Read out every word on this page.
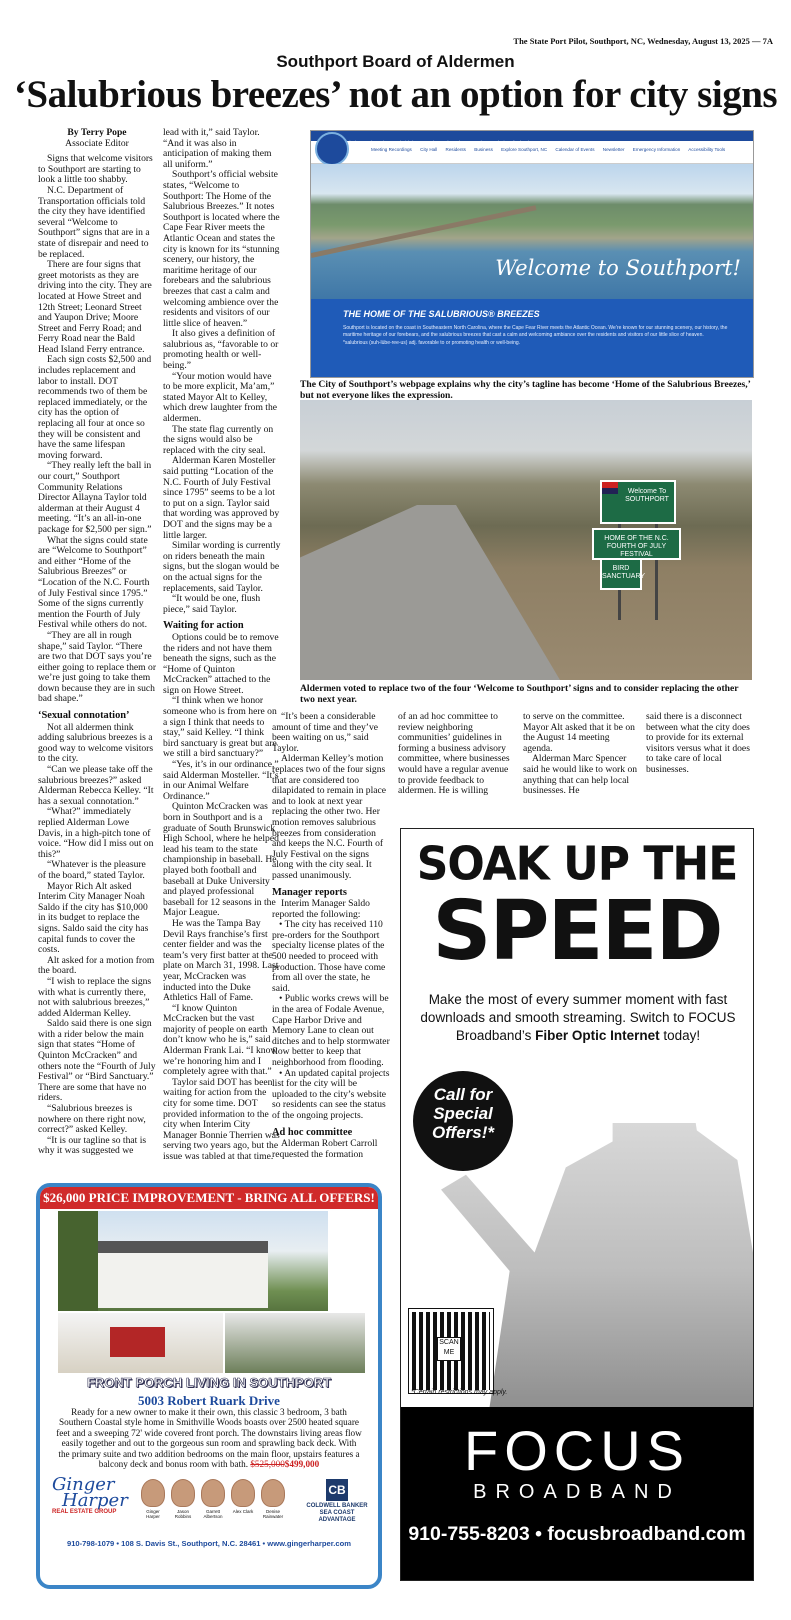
The State Port Pilot, Southport, NC, Wednesday, August 13, 2025 — 7A
Southport Board of Aldermen
‘Salubrious breezes’ not an option for city signs

By Terry Pope

Associate Editor

Signs that welcome visitors to Southport are starting to look a little too shabby.

N.C. Department of Transportation officials told the city they have identified several “Welcome to Southport” signs that are in a state of disrepair and need to be replaced.

There are four signs that greet motorists as they are driving into the city. They are located at Howe Street and 12th Street; Leonard Street and Yaupon Drive; Moore Street and Ferry Road; and Ferry Road near the Bald Head Island Ferry entrance.

Each sign costs $2,500 and includes replacement and labor to install. DOT recommends two of them be replaced immediately, or the city has the option of replacing all four at once so they will be consistent and have the same lifespan moving forward.

“They really left the ball in our court,” Southport Community Relations Director Allayna Taylor told alderman at their August 4 meeting. “It’s an all-in-one package for $2,500 per sign.”

What the signs could state are “Welcome to Southport” and either “Home of the Salubrious Breezes” or “Location of the N.C. Fourth of July Festival since 1795.” Some of the signs currently mention the Fourth of July Festival while others do not.

“They are all in rough shape,” said Taylor. “There are two that DOT says you’re either going to replace them or we’re just going to take them down because they are in such bad shape.”

‘Sexual connotation’

Not all aldermen think adding salubrious breezes is a good way to welcome visitors to the city.

“Can we please take off the salubrious breezes?” asked Alderman Rebecca Kelley. “It has a sexual connotation.”

“What?” immediately replied Alderman Lowe Davis, in a high-pitch tone of voice. “How did I miss out on this?”

“Whatever is the pleasure of the board,” stated Taylor.

Mayor Rich Alt asked Interim City Manager Noah Saldo if the city has $10,000 in its budget to replace the signs. Saldo said the city has capital funds to cover the costs.

Alt asked for a motion from the board.

“I wish to replace the signs with what is currently there, not with salubrious breezes,” added Alderman Kelley.

Saldo said there is one sign with a rider below the main sign that states “Home of Quinton McCracken” and others note the “Fourth of July Festival” or “Bird Sanctuary.” There are some that have no riders.

“Salubrious breezes is nowhere on there right now, correct?” asked Kelley.

“It is our tagline so that is why it was suggested we

lead with it,” said Taylor. “And it was also in anticipation of making them all uniform.”

Southport’s official website states, “Welcome to Southport: The Home of the Salubrious Breezes.” It notes Southport is located where the Cape Fear River meets the Atlantic Ocean and states the city is known for its “stunning scenery, our history, the maritime heritage of our forebears and the salubrious breezes that cast a calm and welcoming ambience over the residents and visitors of our little slice of heaven.”

It also gives a definition of salubrious as, “favorable to or promoting health or well-being.”

“Your motion would have to be more explicit, Ma’am,” stated Mayor Alt to Kelley, which drew laughter from the aldermen.

The state flag currently on the signs would also be replaced with the city seal.

Alderman Karen Mosteller said putting “Location of the N.C. Fourth of July Festival since 1795” seems to be a lot to put on a sign. Taylor said that wording was approved by DOT and the signs may be a little larger.

Similar wording is currently on riders beneath the main signs, but the slogan would be on the actual signs for the replacements, said Taylor.

“It would be one, flush piece,” said Taylor.

Waiting for action

Options could be to remove the riders and not have them beneath the signs, such as the “Home of Quinton McCracken” attached to the sign on Howe Street.

“I think when we honor someone who is from here on a sign I think that needs to stay,” said Kelley. “I think bird sanctuary is great but are we still a bird sanctuary?”

“Yes, it’s in our ordinance,” said Alderman Mosteller. “It’s in our Animal Welfare Ordinance.”

Quinton McCracken was born in Southport and is a graduate of South Brunswick High School, where he helped lead his team to the state championship in baseball. He played both football and baseball at Duke University and played professional baseball for 12 seasons in the Major League.

He was the Tampa Bay Devil Rays franchise’s first center fielder and was the team’s very first batter at the plate on March 31, 1998. Last year, McCracken was inducted into the Duke Athletics Hall of Fame.

“I know Quinton McCracken but the vast majority of people on earth don’t know who he is,” said Alderman Frank Lai. “I know we’re honoring him and I completely agree with that.”

Taylor said DOT has been waiting for action from the city for some time. DOT provided information to the city when Interim City Manager Bonnie Therrien was serving two years ago, but the issue was tabled at that time.

Meeting Recordings City Hall Residents Business Explore Southport, NC Calendar of Events Newsletter Emergency Information Accessibility Tools
Welcome to Southport!
THE HOME OF THE SALUBRIOUS® BREEZES
Southport is located on the coast in Southeastern North Carolina, where the Cape Fear River meets the Atlantic Ocean. We’re known for our stunning scenery, our history, the maritime heritage of our forebears, and the salubrious breezes that cast a calm and welcoming ambiance over the residents and visitors of our little slice of heaven.
*salubrious (suh-lübe-ree-us) adj. favorable to or promoting health or well-being.
The City of Southport’s webpage explains why the city’s tagline has become ‘Home of the Salubrious Breezes,’ but not everyone likes the expression.
Welcome To SOUTHPORT
HOME OF THE N.C. FOURTH OF JULY FESTIVAL
BIRD SANCTUARY
Aldermen voted to replace two of the four ‘Welcome to Southport’ signs and to consider replacing the other two next year.

“It’s been a considerable amount of time and they’ve been waiting on us,” said Taylor.

Alderman Kelley’s motion replaces two of the four signs that are considered too dilapidated to remain in place and to look at next year replacing the other two. Her motion removes salubrious breezes from consideration and keeps the N.C. Fourth of July Festival on the signs along with the city seal. It passed unanimously.

Manager reports

Interim Manager Saldo reported the following:

• The city has received 110 pre-orders for the Southport specialty license plates of the 500 needed to proceed with production. Those have come from all over the state, he said.
• Public works crews will be in the area of Fodale Avenue, Cape Harbor Drive and Memory Lane to clean out ditches and to help stormwater flow better to keep that neighborhood from flooding.
• An updated capital projects list for the city will be uploaded to the city’s website so residents can see the status of the ongoing projects.
Ad hoc committee

Alderman Robert Carroll requested the formation

of an ad hoc committee to review neighboring communities’ guidelines in forming a business advisory committee, where businesses would have a regular avenue to provide feedback to aldermen. He is willing

to serve on the committee. Mayor Alt asked that it be on the August 14 meeting agenda.

Alderman Marc Spencer said he would like to work on anything that can help local businesses. He

said there is a disconnect between what the city does to provide for its external visitors versus what it does to take care of local businesses.

$26,000 PRICE IMPROVEMENT - BRING ALL OFFERS!
FRONT PORCH LIVING IN SOUTHPORT
5003 Robert Ruark Drive
Ready for a new owner to make it their own, this classic 3 bedroom, 3 bath Southern Coastal style home in Smithville Woods boasts over 2500 heated square feet and a sweeping 72' wide covered front porch. The downstairs living areas flow easily together and out to the gorgeous sun room and sprawling back deck. With the primary suite and two addition bedrooms on the main floor, upstairs features a balcony deck and bonus room with bath. $525,000$499,000
Ginger
Harper
REAL ESTATE GROUP	Ginger Harper
Jason Robbins
Garrett Albertson
Alex Clark	Denise Rainwater
CB
COLDWELL BANKER
SEA COAST ADVANTAGE
910-798-1079 • 108 S. Davis St., Southport, N.C. 28461 • www.gingerharper.com
SOAK UP THE
SPEED
Make the most of every summer moment with fast downloads and smooth streaming. Switch to FOCUS Broadband’s Fiber Optic Internet today!
Call for
Special
Offers!*
SCAN ME
*Certain restrictions may apply.
FOCUS
BROADBAND
910-755-8203 • focusbroadband.com
